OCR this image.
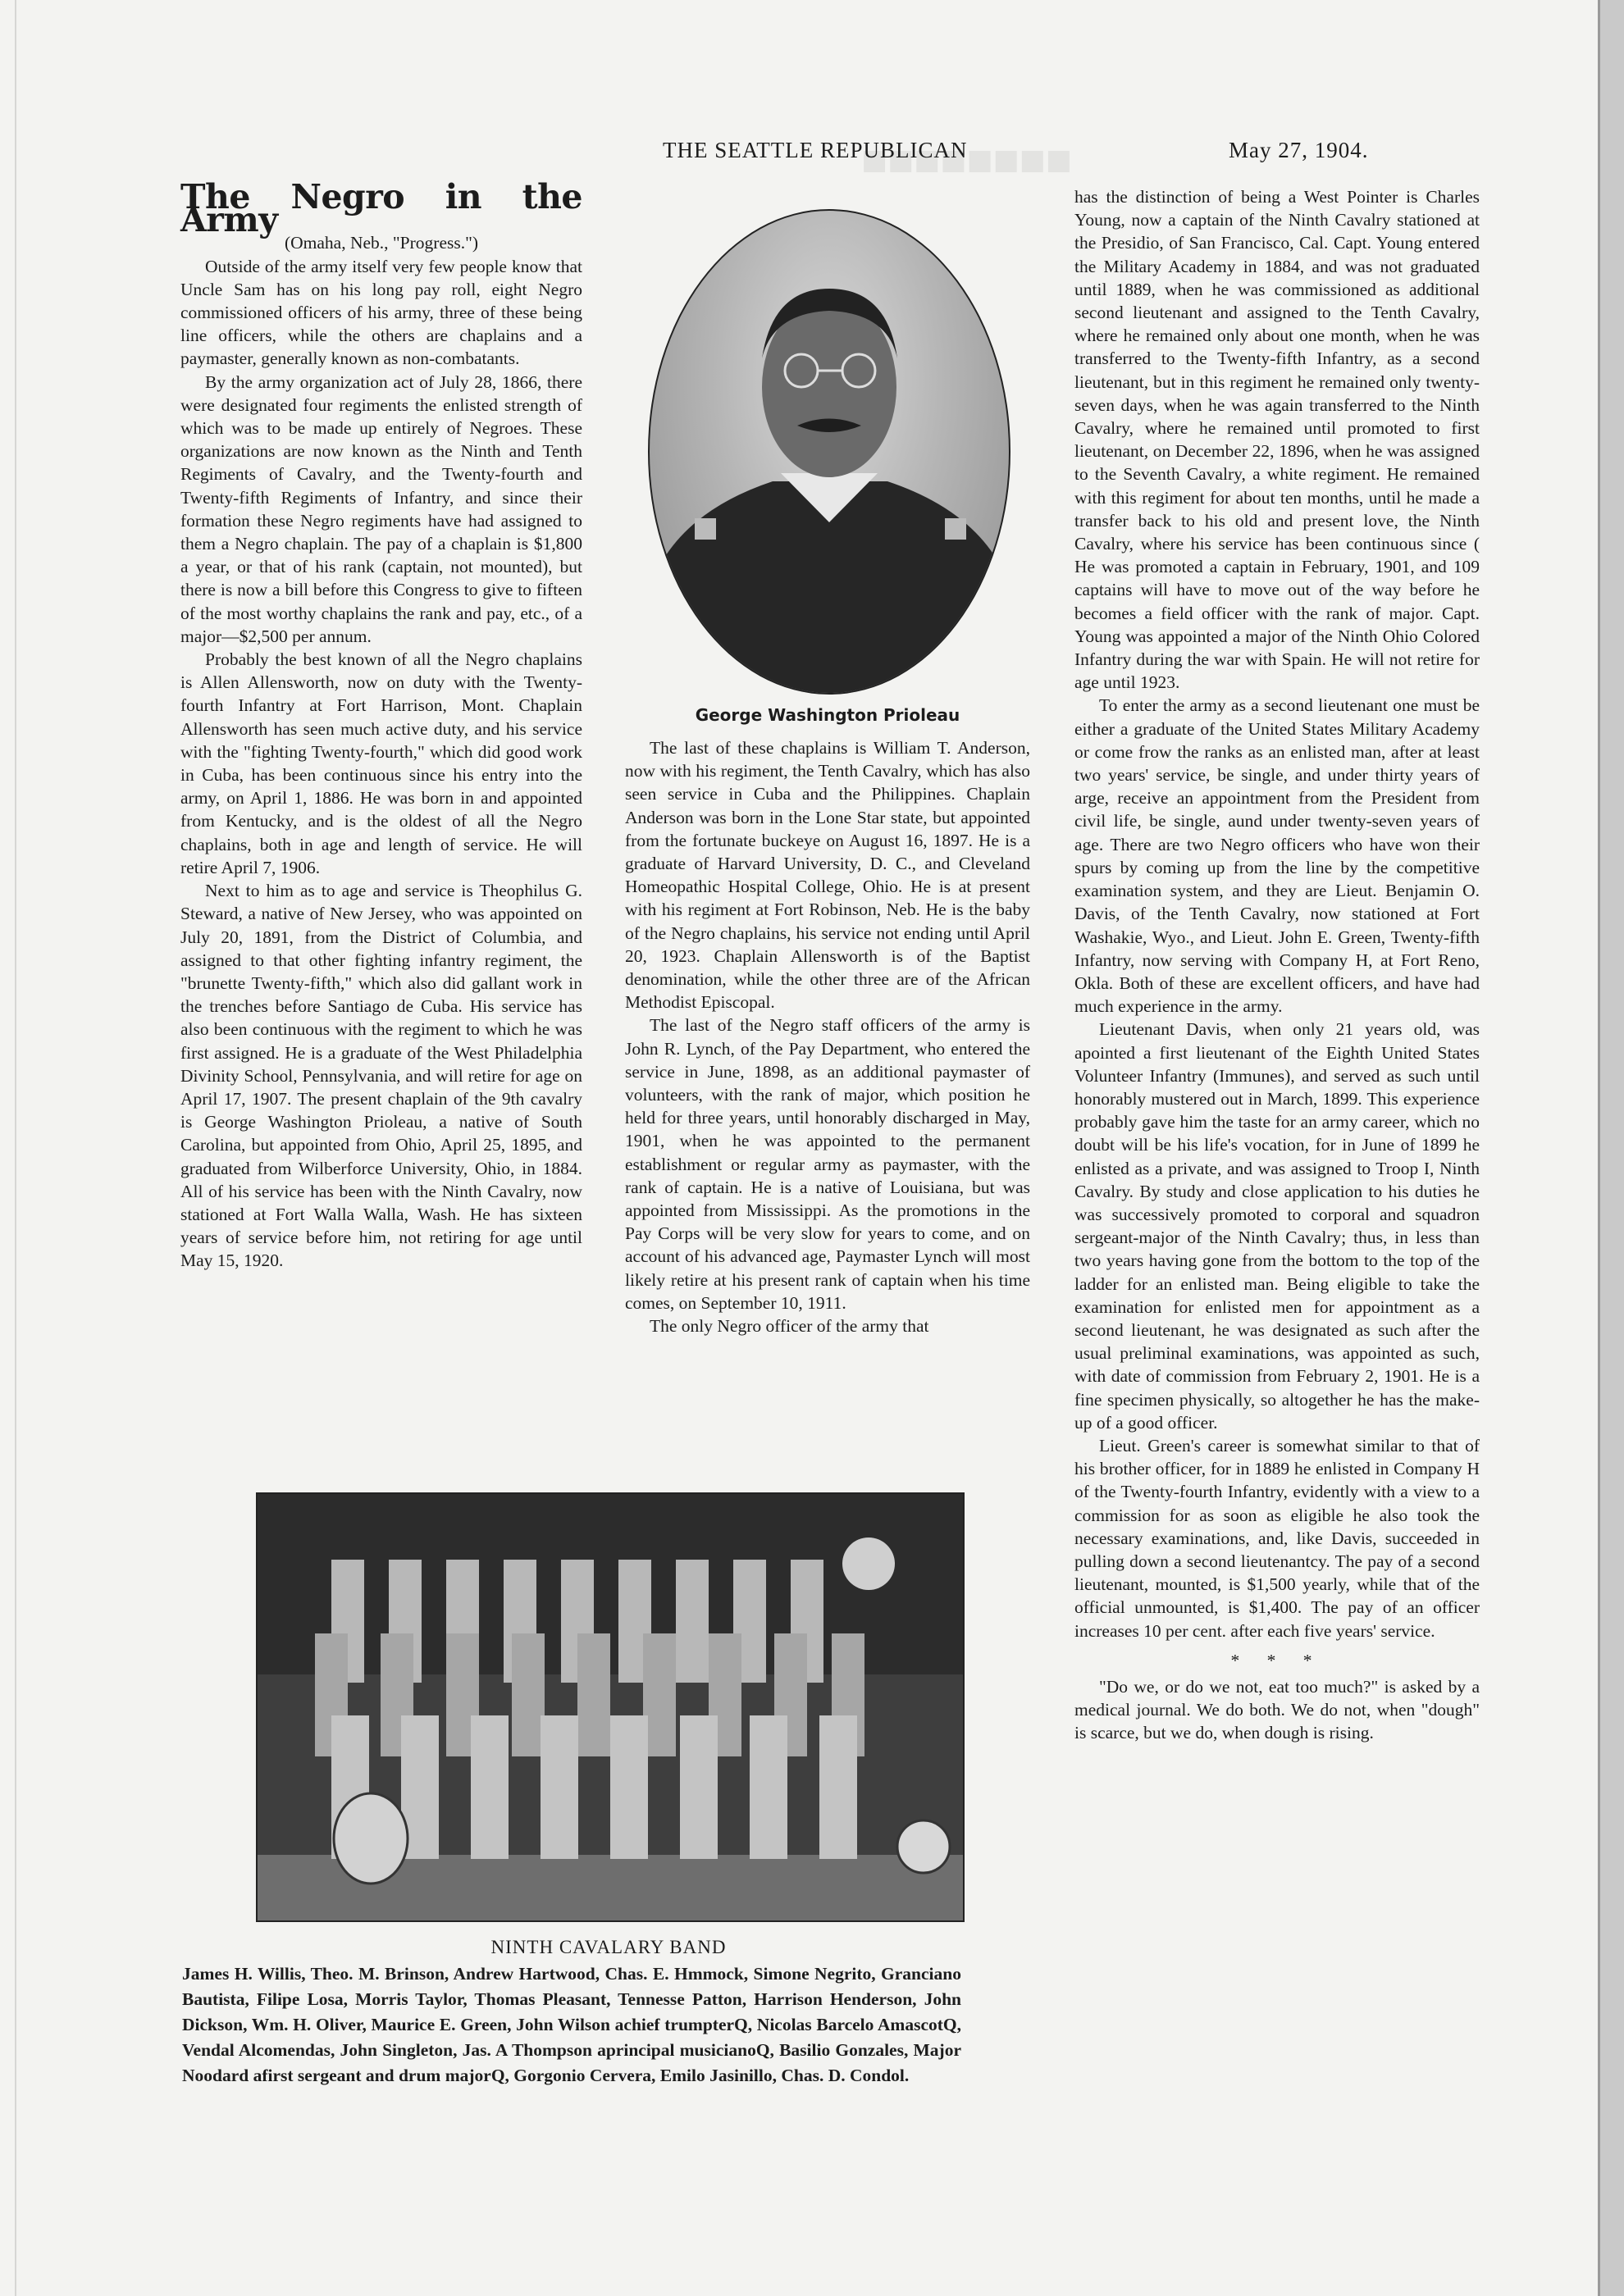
■■■■■■■■
THE SEATTLE REPUBLICAN	May 27, 1904.

The Negro in the Army

(Omaha, Neb., "Progress.")

Outside of the army itself very few people know that Uncle Sam has on his long pay roll, eight Negro commissioned officers of his army, three of these being line officers, while the others are chaplains and a paymaster, generally known as non-combatants.

By the army organization act of July 28, 1866, there were designated four regiments the enlisted strength of which was to be made up entirely of Negroes. These organizations are now known as the Ninth and Tenth Regiments of Cavalry, and the Twenty-fourth and Twenty-fifth Regiments of Infantry, and since their formation these Negro regiments have had assigned to them a Negro chaplain. The pay of a chaplain is $1,800 a year, or that of his rank (captain, not mounted), but there is now a bill before this Congress to give to fifteen of the most worthy chaplains the rank and pay, etc., of a major—$2,500 per annum.

Probably the best known of all the Negro chaplains is Allen Allensworth, now on duty with the Twenty-fourth Infantry at Fort Harrison, Mont. Chaplain Allensworth has seen much active duty, and his service with the "fighting Twenty-fourth," which did good work in Cuba, has been continuous since his entry into the army, on April 1, 1886. He was born in and appointed from Kentucky, and is the oldest of all the Negro chaplains, both in age and length of service. He will retire April 7, 1906.

Next to him as to age and service is Theophilus G. Steward, a native of New Jersey, who was appointed on July 20, 1891, from the District of Columbia, and assigned to that other fighting infantry regiment, the "brunette Twenty-fifth," which also did gallant work in the trenches before Santiago de Cuba. His service has also been continuous with the regiment to which he was first assigned. He is a graduate of the West Philadelphia Divinity School, Pennsylvania, and will retire for age on April 17, 1907. The present chaplain of the 9th cavalry is George Washington Prioleau, a native of South Carolina, but appointed from Ohio, April 25, 1895, and graduated from Wilberforce University, Ohio, in 1884. All of his service has been with the Ninth Cavalry, now stationed at Fort Walla Walla, Wash. He has sixteen years of service before him, not retiring for age until May 15, 1920.

George Washington Prioleau

The last of these chaplains is William T. Anderson, now with his regiment, the Tenth Cavalry, which has also seen service in Cuba and the Philippines. Chaplain Anderson was born in the Lone Star state, but appointed from the fortunate buckeye on August 16, 1897. He is a graduate of Harvard University, D. C., and Cleveland Homeopathic Hospital College, Ohio. He is at present with his regiment at Fort Robinson, Neb. He is the baby of the Negro chaplains, his service not ending until April 20, 1923. Chaplain Allensworth is of the Baptist denomination, while the other three are of the African Methodist Episcopal.

The last of the Negro staff officers of the army is John R. Lynch, of the Pay Department, who entered the service in June, 1898, as an additional paymaster of volunteers, with the rank of major, which position he held for three years, until honorably discharged in May, 1901, when he was appointed to the permanent establishment or regular army as paymaster, with the rank of captain. He is a native of Louisiana, but was appointed from Mississippi. As the promotions in the Pay Corps will be very slow for years to come, and on account of his advanced age, Paymaster Lynch will most likely retire at his present rank of captain when his time comes, on September 10, 1911.

The only Negro officer of the army that

has the distinction of being a West Pointer is Charles Young, now a captain of the Ninth Cavalry stationed at the Presidio, of San Francisco, Cal. Capt. Young entered the Military Academy in 1884, and was not graduated until 1889, when he was commissioned as additional second lieutenant and assigned to the Tenth Cavalry, where he remained only about one month, when he was transferred to the Twenty-fifth Infantry, as a second lieutenant, but in this regiment he remained only twenty-seven days, when he was again transferred to the Ninth Cavalry, where he remained until promoted to first lieutenant, on December 22, 1896, when he was assigned to the Seventh Cavalry, a white regiment. He remained with this regiment for about ten months, until he made a transfer back to his old and present love, the Ninth Cavalry, where his service has been continuous since ( He was promoted a captain in February, 1901, and 109 captains will have to move out of the way before he becomes a field officer with the rank of major. Capt. Young was appointed a major of the Ninth Ohio Colored Infantry during the war with Spain. He will not retire for age until 1923.

To enter the army as a second lieutenant one must be either a graduate of the United States Military Academy or come frow the ranks as an enlisted man, after at least two years' service, be single, and under thirty years of arge, receive an appointment from the President from civil life, be single, aund under twenty-seven years of age. There are two Negro officers who have won their spurs by coming up from the line by the competitive examination system, and they are Lieut. Benjamin O. Davis, of the Tenth Cavalry, now stationed at Fort Washakie, Wyo., and Lieut. John E. Green, Twenty-fifth Infantry, now serving with Company H, at Fort Reno, Okla. Both of these are excellent officers, and have had much experience in the army.

Lieutenant Davis, when only 21 years old, was apointed a first lieutenant of the Eighth United States Volunteer Infantry (Immunes), and served as such until honorably mustered out in March, 1899. This experience probably gave him the taste for an army career, which no doubt will be his life's vocation, for in June of 1899 he enlisted as a private, and was assigned to Troop I, Ninth Cavalry. By study and close application to his duties he was successively promoted to corporal and squadron sergeant-major of the Ninth Cavalry; thus, in less than two years having gone from the bottom to the top of the ladder for an enlisted man. Being eligible to take the examination for enlisted men for appointment as a second lieutenant, he was designated as such after the usual preliminal examinations, was appointed as such, with date of commission from February 2, 1901. He is a fine specimen physically, so altogether he has the make-up of a good officer.

Lieut. Green's career is somewhat similar to that of his brother officer, for in 1889 he enlisted in Company H of the Twenty-fourth Infantry, evidently with a view to a commission for as soon as eligible he also took the necessary examinations, and, like Davis, succeeded in pulling down a second lieutenantcy. The pay of a second lieutenant, mounted, is $1,500 yearly, while that of the official unmounted, is $1,400. The pay of an officer increases 10 per cent. after each five years' service.

* * *

"Do we, or do we not, eat too much?" is asked by a medical journal. We do both. We do not, when "dough" is scarce, but we do, when dough is rising.

NINTH CAVALARY BAND
James H. Willis, Theo. M. Brinson, Andrew Hartwood, Chas. E. Hmmock, Simone Negrito, Granciano Bautista, Filipe Losa, Morris Taylor, Thomas Pleasant, Tennesse Patton, Harrison Henderson, John Dickson, Wm. H. Oliver, Maurice E. Green, John Wilson achief trumpterQ, Nicolas Barcelo AmascotQ, Vendal Alcomendas, John Singleton, Jas. A Thompson aprincipal musicianoQ, Basilio Gonzales, Major Noodard afirst sergeant and drum majorQ, Gorgonio Cervera, Emilo Jasinillo, Chas. D. Condol.
